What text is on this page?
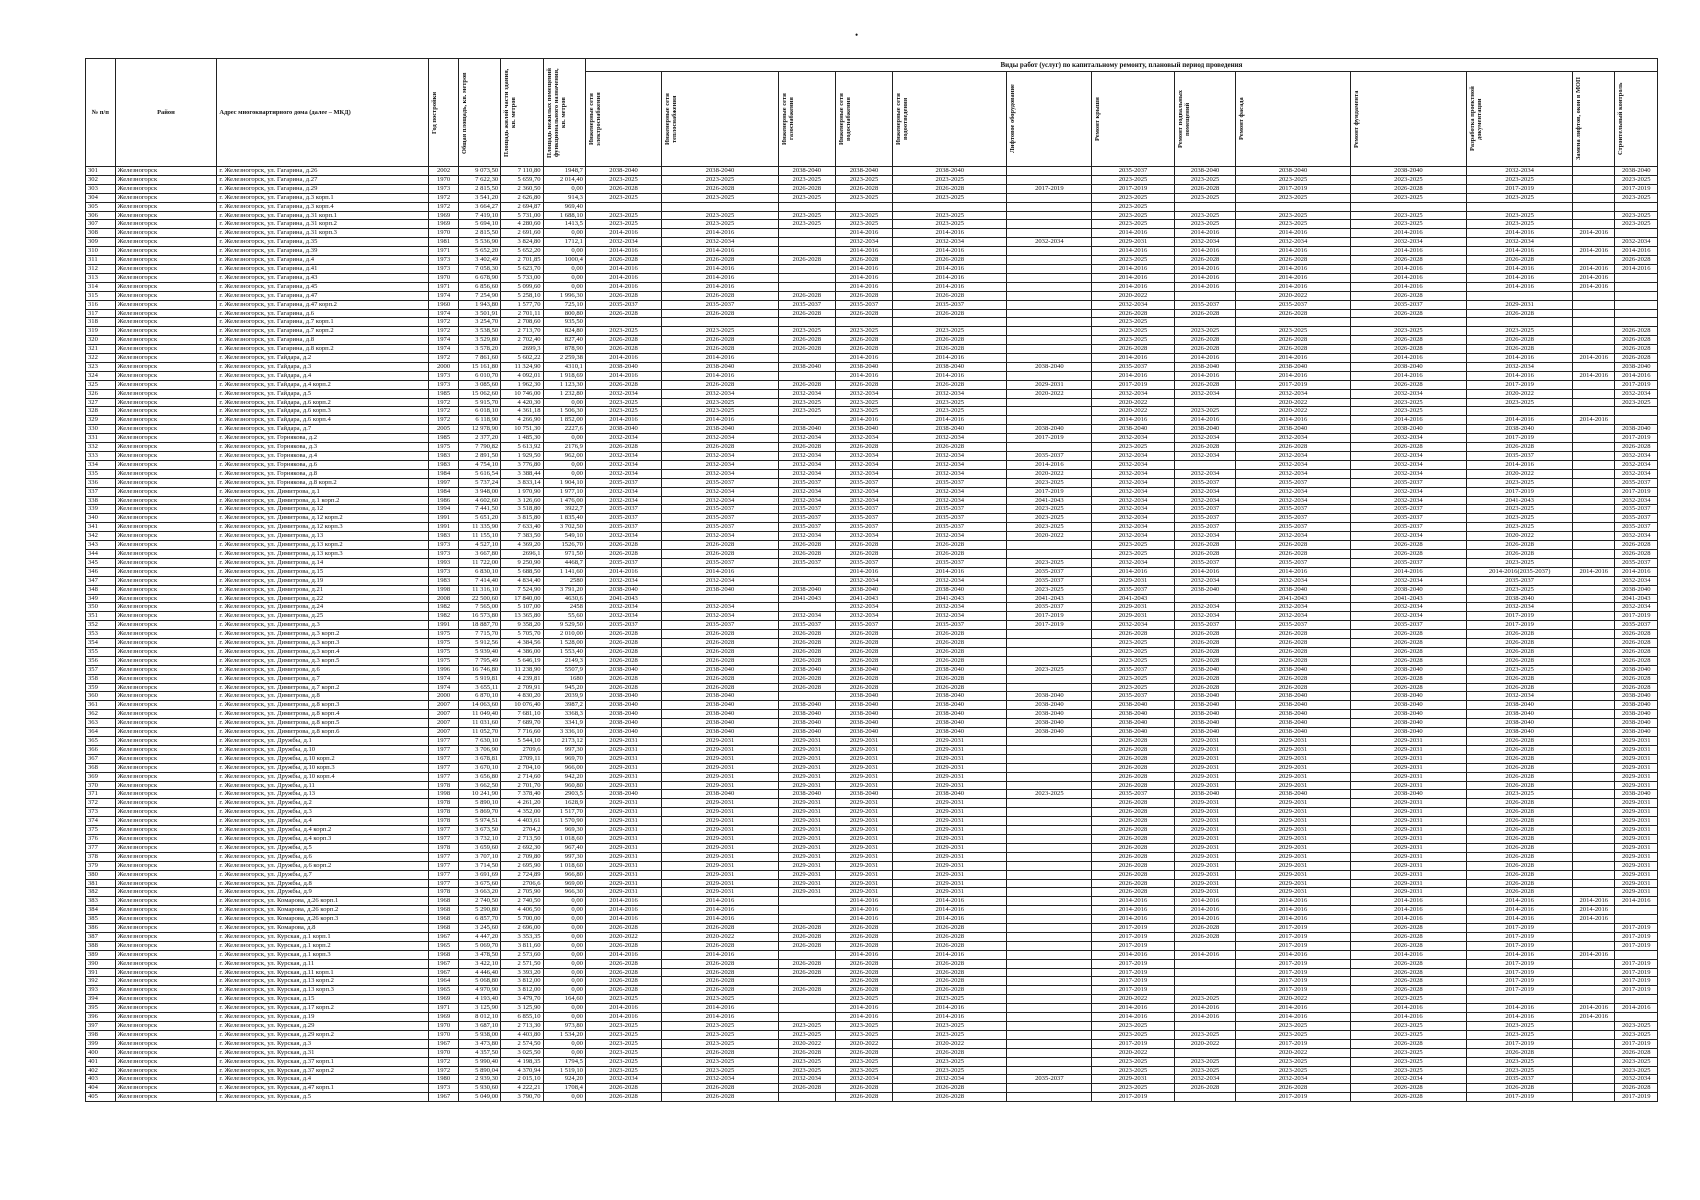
•
№ п/п	Район	Адрес многоквартирного дома (далее – МКД)	Год постройки	Общая площадь, кв. метров	Площадь жилой части здания, кв. метров	Площадь нежилых помещений функционального назначения, кв. метров	Виды работ (услуг) по капитальному ремонту, плановый период проведения												

							Инженерные сети электроснабжения	Инженерные сети теплоснабжения	Инженерные сети газоснабжения	Инженерные сети водоснабжения	Инженерные сети водоотведения	Лифтовое оборудование	Ремонт крыши	Ремонт подвальных помещений	Ремонт фасада	Ремонт фундамента	Разработка проектной документации	Замена лифтов, окон в МОП	Строительный контроль

301	Железногорск	г. Железногорск, ул. Гагарина, д.26	2002	9 073,50	7 110,80	1948,7	2038-2040	2038-2040	2038-2040	2038-2040	2038-2040		2035-2037	2038-2040	2038-2040	2038-2040	2032-2034		2038-2040
302	Железногорск	г. Железногорск, ул. Гагарина, д.27	1970	7 622,30	5 659,70	2 014,40	2023-2025	2023-2025	2023-2025	2023-2025	2023-2025		2023-2025	2023-2025	2023-2025	2023-2025	2023-2025		2023-2025
303	Железногорск	г. Железногорск, ул. Гагарина, д.29	1973	2 815,50	2 360,50	0,00	2026-2028	2026-2028	2026-2028	2026-2028	2026-2028	2017-2019	2017-2019	2026-2028	2017-2019	2026-2028	2017-2019		2017-2019
304	Железногорск	г. Железногорск, ул. Гагарина, д.3 корп.1	1972	3 541,20	2 626,80	914,3	2023-2025	2023-2025	2023-2025	2023-2025	2023-2025		2023-2025	2023-2025	2023-2025	2023-2025	2023-2025		2023-2025
305	Железногорск	г. Железногорск, ул. Гагарина, д.3 корп.4	1972	3 664,27	2 694,87	969,40							2023-2025						
306	Железногорск	г. Железногорск, ул. Гагарина, д.31 корп.1	1969	7 419,10	5 731,00	1 688,10	2023-2025	2023-2025	2023-2025	2023-2025	2023-2025		2023-2025	2023-2025	2023-2025	2023-2025	2023-2025		2023-2025
307	Железногорск	г. Железногорск, ул. Гагарина, д.31 корп.2	1969	5 694,10	4 280,60	1413,5	2023-2025	2023-2025	2023-2025	2023-2025	2023-2025		2023-2025	2023-2025	2023-2025	2023-2025	2023-2025		2023-2025
308	Железногорск	г. Железногорск, ул. Гагарина, д.31 корп.3	1970	2 815,50	2 691,60	0,00	2014-2016	2014-2016		2014-2016	2014-2016		2014-2016	2014-2016	2014-2016	2014-2016	2014-2016	2014-2016	
309	Железногорск	г. Железногорск, ул. Гагарина, д.35	1981	5 536,90	3 824,80	1712,1	2032-2034	2032-2034		2032-2034	2032-2034	2032-2034	2029-2031	2032-2034	2032-2034	2032-2034	2032-2034		2032-2034
310	Железногорск	г. Железногорск, ул. Гагарина, д.39	1971	5 652,20	5 652,20	0,00	2014-2016	2014-2016		2014-2016	2014-2016		2014-2016	2014-2016	2014-2016	2014-2016	2014-2016	2014-2016	2014-2016
311	Железногорск	г. Железногорск, ул. Гагарина, д.4	1973	3 402,49	2 701,85	1000,4	2026-2028	2026-2028	2026-2028	2026-2028	2026-2028		2023-2025	2026-2028	2026-2028	2026-2028	2026-2028		2026-2028
312	Железногорск	г. Железногорск, ул. Гагарина, д.41	1973	7 058,30	5 623,70	0,00	2014-2016	2014-2016		2014-2016	2014-2016		2014-2016	2014-2016	2014-2016	2014-2016	2014-2016	2014-2016	2014-2016
313	Железногорск	г. Железногорск, ул. Гагарина, д.43	1970	6 678,90	5 733,00	0,00	2014-2016	2014-2016		2014-2016	2014-2016		2014-2016	2014-2016	2014-2016	2014-2016	2014-2016	2014-2016	
314	Железногорск	г. Железногорск, ул. Гагарина, д.45	1971	6 856,60	5 099,60	0,00	2014-2016	2014-2016		2014-2016	2014-2016		2014-2016	2014-2016	2014-2016	2014-2016	2014-2016	2014-2016	
315	Железногорск	г. Железногорск, ул. Гагарина, д.47	1974	7 254,90	5 258,10	1 996,30	2026-2028	2026-2028	2026-2028	2026-2028	2026-2028		2020-2022		2020-2022	2026-2028			
316	Железногорск	г. Железногорск, ул. Гагарина, д.47 корп.2	1960	1 943,80	1 577,70	725,10	2035-2037	2035-2037	2035-2037	2035-2037	2035-2037		2032-2034	2035-2037	2035-2037	2035-2037	2029-2031		
317	Железногорск	г. Железногорск, ул. Гагарина, д.6	1974	3 501,91	2 701,11	800,80	2026-2028	2026-2028	2026-2028	2026-2028	2026-2028		2026-2028	2026-2028	2026-2028	2026-2028	2026-2028		
318	Железногорск	г. Железногорск, ул. Гагарина, д.7 корп.1	1972	3 254,70	2 708,60	935,50							2023-2025						
319	Железногорск	г. Железногорск, ул. Гагарина, д.7 корп.2	1972	3 538,50	2 713,70	824,80	2023-2025	2023-2025	2023-2025	2023-2025	2023-2025		2023-2025	2023-2025	2023-2025	2023-2025	2023-2025		2026-2028
320	Железногорск	г. Железногорск, ул. Гагарина, д.8	1974	3 529,80	2 702,40	827,40	2026-2028	2026-2028	2026-2028	2026-2028	2026-2028		2023-2025	2026-2028	2026-2028	2026-2028	2026-2028		2026-2028
321	Железногорск	г. Железногорск, ул. Гагарина, д.8 корп.2	1974	3 578,20	2699,3	878,90	2026-2028	2026-2028	2026-2028	2026-2028	2026-2028		2026-2028	2026-2028	2026-2028	2026-2028	2026-2028		2026-2028
322	Железногорск	г. Железногорск, ул. Гайдара, д.2	1972	7 861,60	5 602,22	2 259,38	2014-2016	2014-2016		2014-2016	2014-2016		2014-2016	2014-2016	2014-2016	2014-2016	2014-2016	2014-2016	2026-2028
323	Железногорск	г. Железногорск, ул. Гайдара, д.3	2000	15 161,80	11 324,90	4310,1	2038-2040	2038-2040	2038-2040	2038-2040	2038-2040	2038-2040	2035-2037	2038-2040	2038-2040	2038-2040	2032-2034		2038-2040
324	Железногорск	г. Железногорск, ул. Гайдара, д.4	1973	6 010,70	4 092,01	1 918,69	2014-2016	2014-2016		2014-2016	2014-2016		2014-2016	2014-2016	2014-2016	2014-2016	2014-2016	2014-2016	2014-2016
325	Железногорск	г. Железногорск, ул. Гайдара, д.4 корп.2	1973	3 085,60	1 962,30	1 123,30	2026-2028	2026-2028	2026-2028	2026-2028	2026-2028	2029-2031	2017-2019	2026-2028	2017-2019	2026-2028	2017-2019		2017-2019
326	Железногорск	г. Железногорск, ул. Гайдара, д.5	1985	15 062,60	10 746,00	1 232,80	2032-2034	2032-2034	2032-2034	2032-2034	2032-2034	2020-2022	2032-2034	2032-2034	2032-2034	2032-2034	2020-2022		2032-2034
327	Железногорск	г. Железногорск, ул. Гайдара, д.6 корп.2	1972	5 915,70	4 420,30	0,00	2023-2025	2023-2025	2023-2025	2023-2025	2023-2025		2020-2022		2020-2022	2023-2025	2023-2025		2023-2025
328	Железногорск	г. Железногорск, ул. Гайдара, д.6 корп.3	1972	6 018,10	4 361,18	1 506,30	2023-2025	2023-2025	2023-2025	2023-2025	2023-2025		2020-2022	2023-2025	2020-2022	2023-2025			
329	Железногорск	г. Железногорск, ул. Гайдара, д.6 корп.4	1972	6 118,90	4 266,90	1 852,00	2014-2016	2014-2016		2014-2016	2014-2016		2014-2016	2014-2016	2014-2016	2014-2016	2014-2016	2014-2016	
330	Железногорск	г. Железногорск, ул. Гайдара, д.7	2005	12 978,90	10 751,30	2227,6	2038-2040	2038-2040	2038-2040	2038-2040	2038-2040	2038-2040	2038-2040	2038-2040	2038-2040	2038-2040	2038-2040		2038-2040
331	Железногорск	г. Железногорск, ул. Горнякова, д.2	1985	2 377,20	1 485,30	0,00	2032-2034	2032-2034	2032-2034	2032-2034	2032-2034	2017-2019	2032-2034	2032-2034	2032-2034	2032-2034	2017-2019		2017-2019
332	Железногорск	г. Железногорск, ул. Горнякова, д.3	1975	7 790,82	5 613,92	2176,9	2026-2028	2026-2028	2026-2028	2026-2028	2026-2028		2023-2025	2026-2028	2026-2028	2026-2028	2026-2028		2026-2028
333	Железногорск	г. Железногорск, ул. Горнякова, д.4	1983	2 891,50	1 929,50	962,00	2032-2034	2032-2034	2032-2034	2032-2034	2032-2034	2035-2037	2032-2034	2032-2034	2032-2034	2032-2034	2035-2037		2032-2034
334	Железногорск	г. Железногорск, ул. Горнякова, д.6	1983	4 754,10	3 776,80	0,00	2032-2034	2032-2034	2032-2034	2032-2034	2032-2034	2014-2016	2032-2034		2032-2034	2032-2034	2014-2016		2032-2034
335	Железногорск	г. Железногорск, ул. Горнякова, д.8	1984	5 616,54	3 388,44	0,00	2032-2034	2032-2034	2032-2034	2032-2034	2032-2034	2020-2022	2032-2034	2032-2034	2032-2034	2032-2034	2020-2022		2032-2034
336	Железногорск	г. Железногорск, ул. Горнякова, д.8 корп.2	1997	5 737,24	3 833,14	1 904,10	2035-2037	2035-2037	2035-2037	2035-2037	2035-2037	2023-2025	2032-2034	2035-2037	2035-2037	2035-2037	2023-2025		2035-2037
337	Железногорск	г. Железногорск, ул. Димитрова, д.1	1984	3 948,00	1 970,90	1 977,10	2032-2034	2032-2034	2032-2034	2032-2034	2032-2034	2017-2019	2032-2034	2032-2034	2032-2034	2032-2034	2017-2019		2017-2019
338	Железногорск	г. Железногорск, ул. Димитрова, д.1 корп.2	1986	4 602,60	3 126,60	1 476,00	2032-2034	2032-2034	2032-2034	2032-2034	2032-2034	2041-2043	2032-2034	2032-2034	2032-2034	2032-2034	2041-2043		2032-2034
339	Железногорск	г. Железногорск, ул. Димитрова, д.12	1994	7 441,50	3 518,80	3922,7	2035-2037	2035-2037	2035-2037	2035-2037	2035-2037	2023-2025	2032-2034	2035-2037	2035-2037	2035-2037	2023-2025		2035-2037
340	Железногорск	г. Железногорск, ул. Димитрова, д.12 корп.2	1991	5 651,20	3 815,80	1 835,40	2035-2037	2035-2037	2035-2037	2035-2037	2035-2037	2023-2025	2032-2034	2035-2037	2035-2037	2035-2037	2023-2025		2035-2037
341	Железногорск	г. Железногорск, ул. Димитрова, д.12 корп.3	1991	11 335,90	7 633,40	3 702,50	2035-2037	2035-2037	2035-2037	2035-2037	2035-2037	2023-2025	2032-2034	2035-2037	2035-2037	2035-2037	2023-2025		2035-2037
342	Железногорск	г. Железногорск, ул. Димитрова, д.13	1983	11 155,10	7 383,50	549,10	2032-2034	2032-2034	2032-2034	2032-2034	2032-2034	2020-2022	2032-2034	2032-2034	2032-2034	2032-2034	2020-2022		2032-2034
343	Железногорск	г. Железногорск, ул. Димитрова, д.13 корп.2	1973	4 527,10	4 369,20	1526,70	2026-2028	2026-2028	2026-2028	2026-2028	2026-2028		2023-2025	2026-2028	2026-2028	2026-2028	2026-2028		2026-2028
344	Железногорск	г. Железногорск, ул. Димитрова, д.13 корп.3	1973	3 667,80	2696,1	971,50	2026-2028	2026-2028	2026-2028	2026-2028	2026-2028		2023-2025	2026-2028	2026-2028	2026-2028	2026-2028		2026-2028
345	Железногорск	г. Железногорск, ул. Димитрова, д.14	1993	11 722,00	9 250,90	4468,7	2035-2037	2035-2037	2035-2037	2035-2037	2035-2037	2023-2025	2032-2034	2035-2037	2035-2037	2035-2037	2023-2025		2035-2037
346	Железногорск	г. Железногорск, ул. Димитрова, д.15	1973	6 830,10	5 688,50	1 141,60	2014-2016	2014-2016		2014-2016	2014-2016	2035-2037	2014-2016	2014-2016	2014-2016	2014-2016	2014-2016(2035-2037)	2014-2016	2014-2016
347	Железногорск	г. Железногорск, ул. Димитрова, д.19	1983	7 414,40	4 834,40	2580	2032-2034	2032-2034		2032-2034	2032-2034	2035-2037	2029-2031	2032-2034	2032-2034	2032-2034	2035-2037		2032-2034
348	Железногорск	г. Железногорск, ул. Димитрова, д.21	1998	11 316,10	7 524,90	3 791,20	2038-2040	2038-2040	2038-2040	2038-2040	2038-2040	2023-2025	2035-2037	2038-2040	2038-2040	2038-2040	2023-2025		2038-2040
349	Железногорск	г. Железногорск, ул. Димитрова, д.22	2008	22 500,60	17 840,00	4630,6	2041-2043		2041-2043	2041-2043	2041-2043	2041-2043	2041-2043		2041-2043	2041-2043	2038-2040		2041-2043
350	Железногорск	г. Железногорск, ул. Димитрова, д.24	1982	7 565,00	5 107,00	2458	2032-2034	2032-2034		2032-2034	2032-2034	2035-2037	2029-2031	2032-2034	2032-2034	2032-2034	2032-2034		2032-2034
351	Железногорск	г. Железногорск, ул. Димитрова, д.25	1982	16 573,80	13 365,80	55,60	2032-2034	2032-2034	2032-2034	2032-2034	2032-2034	2017-2019	2029-2031	2032-2034	2032-2034	2032-2034	2017-2019		2017-2019
352	Железногорск	г. Железногорск, ул. Димитрова, д.3	1991	18 887,70	9 358,20	9 529,50	2035-2037	2035-2037	2035-2037	2035-2037	2035-2037	2017-2019	2032-2034	2035-2037	2035-2037	2035-2037	2017-2019		2035-2037
353	Железногорск	г. Железногорск, ул. Димитрова, д.3 корп.2	1975	7 715,70	5 705,70	2 010,00	2026-2028	2026-2028	2026-2028	2026-2028	2026-2028		2026-2028	2026-2028	2026-2028	2026-2028	2026-2028		2026-2028
354	Железногорск	г. Железногорск, ул. Димитрова, д.3 корп.3	1975	5 912,56	4 384,56	1 528,00	2026-2028	2026-2028	2026-2028	2026-2028	2026-2028		2023-2025	2026-2028	2026-2028	2026-2028	2026-2028		2026-2028
355	Железногорск	г. Железногорск, ул. Димитрова, д.3 корп.4	1975	5 939,40	4 386,00	1 553,40	2026-2028	2026-2028	2026-2028	2026-2028	2026-2028		2023-2025	2026-2028	2026-2028	2026-2028	2026-2028		2026-2028
356	Железногорск	г. Железногорск, ул. Димитрова, д.3 корп.5	1975	7 795,49	5 646,19	2149,3	2026-2028	2026-2028	2026-2028	2026-2028	2026-2028		2023-2025	2026-2028	2026-2028	2026-2028	2026-2028		2026-2028
357	Железногорск	г. Железногорск, ул. Димитрова, д.6	1996	16 746,80	11 238,90	5507,9	2038-2040	2038-2040	2038-2040	2038-2040	2038-2040	2023-2025	2035-2037	2038-2040	2038-2040	2038-2040	2023-2025		2038-2040
358	Железногорск	г. Железногорск, ул. Димитрова, д.7	1974	5 919,81	4 239,81	1680	2026-2028	2026-2028	2026-2028	2026-2028	2026-2028		2023-2025	2026-2028	2026-2028	2026-2028	2026-2028		2026-2028
359	Железногорск	г. Железногорск, ул. Димитрова, д.7 корп.2	1974	3 655,11	2 709,91	945,20	2026-2028	2026-2028	2026-2028	2026-2028	2026-2028		2023-2025	2026-2028	2026-2028	2026-2028	2026-2028		2026-2028
360	Железногорск	г. Железногорск, ул. Димитрова, д.8	2000	6 870,10	4 830,20	2039,9	2038-2040	2038-2040		2038-2040	2038-2040	2038-2040	2035-2037	2038-2040	2038-2040	2038-2040	2032-2034		2038-2040
361	Железногорск	г. Железногорск, ул. Димитрова, д.8 корп.3	2007	14 063,60	10 076,40	3987,2	2038-2040	2038-2040	2038-2040	2038-2040	2038-2040	2038-2040	2038-2040	2038-2040	2038-2040	2038-2040	2038-2040		2038-2040
362	Железногорск	г. Железногорск, ул. Димитрова, д.8 корп.4	2007	11 049,40	7 681,10	3368,3	2038-2040	2038-2040	2038-2040	2038-2040	2038-2040	2038-2040	2038-2040	2038-2040	2038-2040	2038-2040	2038-2040		2038-2040
363	Железногорск	г. Железногорск, ул. Димитрова, д.8 корп.5	2007	11 031,60	7 689,70	3341,9	2038-2040	2038-2040	2038-2040	2038-2040	2038-2040	2038-2040	2038-2040	2038-2040	2038-2040	2038-2040	2038-2040		2038-2040
364	Железногорск	г. Железногорск, ул. Димитрова, д.8 корп.6	2007	11 052,70	7 716,60	3 336,10	2038-2040	2038-2040	2038-2040	2038-2040	2038-2040	2038-2040	2038-2040	2038-2040	2038-2040	2038-2040	2038-2040		2038-2040
365	Железногорск	г. Железногорск, ул. Дружбы, д.1	1977	7 630,10	5 544,10	2173,12	2029-2031	2029-2031	2029-2031	2029-2031	2029-2031		2026-2028	2029-2031	2029-2031	2029-2031	2026-2028		2029-2031
366	Железногорск	г. Железногорск, ул. Дружбы, д.10	1977	3 706,90	2709,6	997,30	2029-2031	2029-2031	2029-2031	2029-2031	2029-2031		2026-2028	2029-2031	2029-2031	2029-2031	2026-2028		2029-2031
367	Железногорск	г. Железногорск, ул. Дружбы, д.10 корп.2	1977	3 678,81	2709,11	969,70	2029-2031	2029-2031	2029-2031	2029-2031	2029-2031		2026-2028	2029-2031	2029-2031	2029-2031	2026-2028		2029-2031
368	Железногорск	г. Железногорск, ул. Дружбы, д.10 корп.3	1977	3 670,10	2 704,10	966,00	2029-2031	2029-2031	2029-2031	2029-2031	2029-2031		2026-2028	2029-2031	2029-2031	2029-2031	2026-2028		2029-2031
369	Железногорск	г. Железногорск, ул. Дружбы, д.10 корп.4	1977	3 656,80	2 714,60	942,20	2029-2031	2029-2031	2029-2031	2029-2031	2029-2031		2026-2028	2029-2031	2029-2031	2029-2031	2026-2028		2029-2031
370	Железногорск	г. Железногорск, ул. Дружбы, д.11	1978	3 662,50	2 701,70	960,80	2029-2031	2029-2031	2029-2031	2029-2031	2029-2031		2026-2028	2029-2031	2029-2031	2029-2031	2026-2028		2029-2031
371	Железногорск	г. Железногорск, ул. Дружбы, д.13	1998	10 241,90	7 378,40	2903,5	2038-2040	2038-2040	2038-2040	2038-2040	2038-2040	2023-2025	2035-2037	2038-2040	2038-2040	2038-2040	2023-2025		2038-2040
372	Железногорск	г. Железногорск, ул. Дружбы, д.2	1978	5 890,10	4 261,20	1628,9	2029-2031	2029-2031	2029-2031	2029-2031	2029-2031		2026-2028	2029-2031	2029-2031	2029-2031	2026-2028		2029-2031
373	Железногорск	г. Железногорск, ул. Дружбы, д.3	1978	5 869,70	4 352,00	1 517,70	2029-2031	2029-2031	2029-2031	2029-2031	2029-2031		2026-2028	2029-2031	2029-2031	2029-2031	2026-2028		2029-2031
374	Железногорск	г. Железногорск, ул. Дружбы, д.4	1978	5 974,51	4 403,61	1 570,90	2029-2031	2029-2031	2029-2031	2029-2031	2029-2031		2026-2028	2029-2031	2029-2031	2029-2031	2026-2028		2029-2031
375	Железногорск	г. Железногорск, ул. Дружбы, д.4 корп.2	1977	3 673,50	2704,2	969,30	2029-2031	2029-2031	2029-2031	2029-2031	2029-2031		2026-2028	2029-2031	2029-2031	2029-2031	2026-2028		2029-2031
376	Железногорск	г. Железногорск, ул. Дружбы, д.4 корп.3	1977	3 732,10	2 713,50	1 018,60	2029-2031	2029-2031	2029-2031	2029-2031	2029-2031		2026-2028	2029-2031	2029-2031	2029-2031	2026-2028		2029-2031
377	Железногорск	г. Железногорск, ул. Дружбы, д.5	1978	3 659,60	2 692,30	967,40	2029-2031	2029-2031	2029-2031	2029-2031	2029-2031		2026-2028	2029-2031	2029-2031	2029-2031	2026-2028		2029-2031
378	Железногорск	г. Железногорск, ул. Дружбы, д.6	1977	3 707,10	2 709,80	997,30	2029-2031	2029-2031	2029-2031	2029-2031	2029-2031		2026-2028	2029-2031	2029-2031	2029-2031	2026-2028		2029-2031
379	Железногорск	г. Железногорск, ул. Дружбы, д.6 корп.2	1977	3 714,50	2 695,90	1 018,60	2029-2031	2029-2031	2029-2031	2029-2031	2029-2031		2026-2028	2029-2031	2029-2031	2029-2031	2026-2028		2029-2031
380	Железногорск	г. Железногорск, ул. Дружбы, д.7	1977	3 691,69	2 724,89	966,80	2029-2031	2029-2031	2029-2031	2029-2031	2029-2031		2026-2028	2029-2031	2029-2031	2029-2031	2026-2028		2029-2031
381	Железногорск	г. Железногорск, ул. Дружбы, д.8	1977	3 675,60	2706,6	969,00	2029-2031	2029-2031	2029-2031	2029-2031	2029-2031		2026-2028	2029-2031	2029-2031	2029-2031	2026-2028		2029-2031
382	Железногорск	г. Железногорск, ул. Дружбы, д.9	1978	3 663,20	2 705,90	966,30	2029-2031	2029-2031	2029-2031	2029-2031	2029-2031		2026-2028	2029-2031	2029-2031	2029-2031	2026-2028		2029-2031
383	Железногорск	г. Железногорск, ул. Комарова, д.26 корп.1	1968	2 740,50	2 740,50	0,00	2014-2016	2014-2016		2014-2016	2014-2016		2014-2016	2014-2016	2014-2016	2014-2016	2014-2016	2014-2016	2014-2016
384	Железногорск	г. Железногорск, ул. Комарова, д.26 корп.2	1968	5 290,80	4 406,50	0,00	2014-2016	2014-2016		2014-2016	2014-2016		2014-2016	2014-2016	2014-2016	2014-2016	2014-2016	2014-2016	
385	Железногорск	г. Железногорск, ул. Комарова, д.26 корп.3	1968	6 857,70	5 700,00	0,00	2014-2016	2014-2016		2014-2016	2014-2016		2014-2016	2014-2016	2014-2016	2014-2016	2014-2016	2014-2016	
386	Железногорск	г. Железногорск, ул. Комарова, д.8	1968	3 245,60	2 696,00	0,00	2026-2028	2026-2028	2026-2028	2026-2028	2026-2028		2017-2019	2026-2028	2017-2019	2026-2028	2017-2019		2017-2019
387	Железногорск	г. Железногорск, ул. Курская, д.1 корп.1	1967	4 447,20	3 353,35	0,00	2020-2022	2020-2022	2026-2028	2026-2028	2026-2028		2017-2019	2026-2028	2017-2019	2026-2028	2017-2019		2017-2019
388	Железногорск	г. Железногорск, ул. Курская, д.1 корп.2	1965	5 069,70	3 811,60	0,00	2026-2028	2026-2028	2026-2028	2026-2028	2026-2028		2017-2019		2017-2019	2026-2028	2017-2019		2017-2019
389	Железногорск	г. Железногорск, ул. Курская, д.1 корп.3	1968	3 478,50	2 573,60	0,00	2014-2016	2014-2016		2014-2016	2014-2016		2014-2016	2014-2016	2014-2016	2014-2016	2014-2016	2014-2016	
390	Железногорск	г. Железногорск, ул. Курская, д.11	1967	3 422,10	2 571,50	0,00	2026-2028	2026-2028	2026-2028	2026-2028	2026-2028		2017-2019		2017-2019	2026-2028	2017-2019		2017-2019
391	Железногорск	г. Железногорск, ул. Курская, д.11 корп.1	1967	4 446,40	3 393,20	0,00	2026-2028	2026-2028	2026-2028	2026-2028	2026-2028		2017-2019		2017-2019	2026-2028	2017-2019		2017-2019
392	Железногорск	г. Железногорск, ул. Курская, д.13 корп.2	1964	5 068,80	3 812,00	0,00	2026-2028	2026-2028		2026-2028	2026-2028		2017-2019		2017-2019	2026-2028	2017-2019		2017-2019
393	Железногорск	г. Железногорск, ул. Курская, д.13 корп.3	1965	4 970,90	3 812,00	0,00	2026-2028	2026-2028	2026-2028	2026-2028	2026-2028		2017-2019		2017-2019	2026-2028	2017-2019		2017-2019
394	Железногорск	г. Железногорск, ул. Курская, д.15	1969	4 193,40	3 479,70	164,60	2023-2025	2023-2025		2023-2025	2023-2025		2020-2022	2023-2025	2020-2022	2023-2025			
395	Железногорск	г. Железногорск, ул. Курская, д.17 корп.2	1971	3 125,90	3 125,90	0,00	2014-2016	2014-2016		2014-2016	2014-2016		2014-2016	2014-2016	2014-2016	2014-2016	2014-2016	2014-2016	2014-2016
396	Железногорск	г. Железногорск, ул. Курская, д.19	1969	8 012,10	6 855,10	0,00	2014-2016	2014-2016		2014-2016	2014-2016		2014-2016	2014-2016	2014-2016	2014-2016	2014-2016	2014-2016	
397	Железногорск	г. Железногорск, ул. Курская, д.29	1970	3 687,10	2 713,30	973,80	2023-2025	2023-2025	2023-2025	2023-2025	2023-2025		2023-2025		2023-2025	2023-2025	2023-2025		2023-2025
398	Железногорск	г. Железногорск, ул. Курская, д.29 корп.2	1970	5 938,00	4 403,80	1 534,20	2023-2025	2023-2025	2023-2025	2023-2025	2023-2025		2023-2025	2023-2025	2023-2025	2023-2025	2023-2025		2023-2025
399	Железногорск	г. Железногорск, ул. Курская, д.3	1967	3 473,80	2 574,50	0,00	2023-2025	2023-2025	2020-2022	2020-2022	2020-2022		2017-2019	2020-2022	2017-2019	2026-2028	2017-2019		2017-2019
400	Железногорск	г. Железногорск, ул. Курская, д.31	1970	4 357,50	3 025,50	0,00	2023-2025	2026-2028	2026-2028	2026-2028	2026-2028		2020-2022		2020-2022	2023-2025	2026-2028		2026-2028
401	Железногорск	г. Железногорск, ул. Курская, д.37 корп.1	1972	5 990,40	4 198,35	1794,5	2023-2025	2023-2025	2023-2025	2023-2025	2023-2025		2023-2025	2023-2025	2023-2025	2023-2025	2023-2025		2023-2025
402	Железногорск	г. Железногорск, ул. Курская, д.37 корп.2	1972	5 890,04	4 370,94	1 519,10	2023-2025	2023-2025	2023-2025	2023-2025	2023-2025		2023-2025	2023-2025	2023-2025	2023-2025	2023-2025		2023-2025
403	Железногорск	г. Железногорск, ул. Курская, д.4	1980	2 939,30	2 015,10	924,20	2032-2034	2032-2034	2032-2034	2032-2034	2032-2034	2035-2037	2029-2031	2032-2034	2032-2034	2032-2034	2035-2037		2032-2034
404	Железногорск	г. Железногорск, ул. Курская, д.47 корп.1	1973	5 930,60	4 222,21	1708,4	2026-2028	2026-2028	2026-2028	2026-2028	2026-2028		2023-2025	2026-2028	2026-2028	2026-2028	2026-2028		2026-2028
405	Железногорск	г. Железногорск, ул. Курская, д.5	1967	5 049,00	3 790,70	0,00	2026-2028	2026-2028		2026-2028	2026-2028		2017-2019		2017-2019	2026-2028	2017-2019		2017-2019
